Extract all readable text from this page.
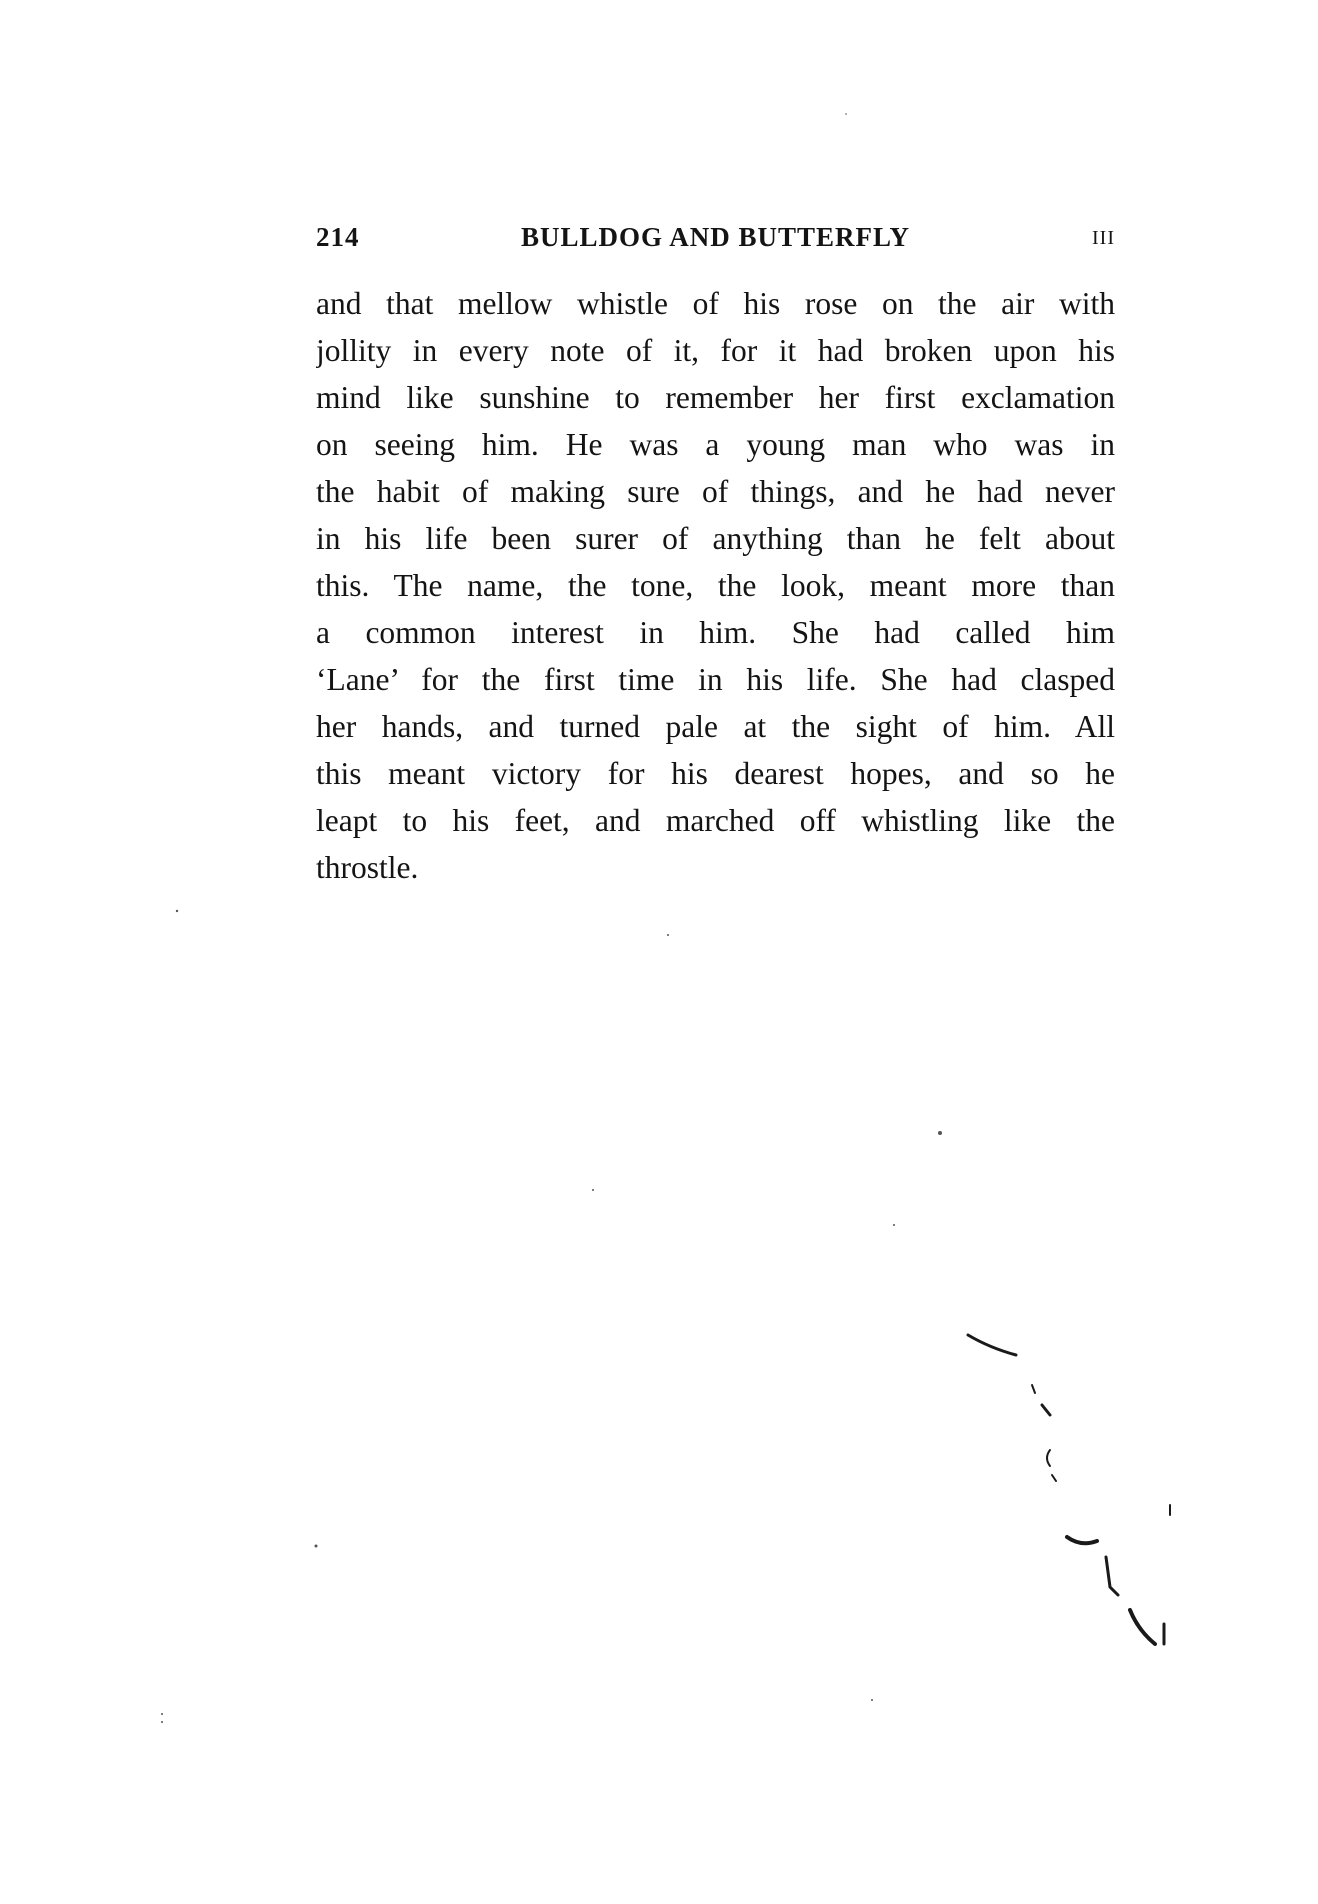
214	BULLDOG AND BUTTERFLY	III
and that mellow whistle of his rose on the air with
jollity in every note of it, for it had broken upon his
mind like sunshine to remember her first exclamation
on seeing him. He was a young man who was in
the habit of making sure of things, and he had never
in his life been surer of anything than he felt about
this. The name, the tone, the look, meant more than
a common interest in him. She had called him
‘Lane’ for the first time in his life. She had clasped
her hands, and turned pale at the sight of him. All
this meant victory for his dearest hopes, and so he
leapt to his feet, and marched off whistling like the
throstle.
